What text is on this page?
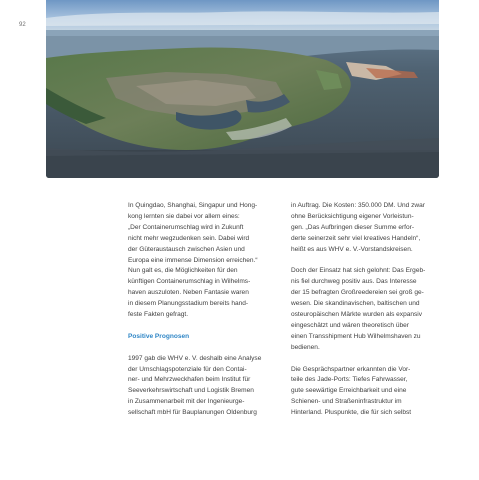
92

In Quingdao, Shanghai, Singapur und Hong-
kong lernten sie dabei vor allem eines:
„Der Containerumschlag wird in Zukunft
nicht mehr wegzudenken sein. Dabei wird
der Güteraustausch zwischen Asien und
Europa eine immense Dimension erreichen.“
Nun galt es, die Möglichkeiten für den
künftigen Containerumschlag in Wilhelms-
haven auszuloten. Neben Fantasie waren
in diesem Planungsstadium bereits hand-
feste Fakten gefragt.

Positive Prognosen

1997 gab die WHV e. V. deshalb eine Analyse
der Umschlagspotenziale für den Contai-
ner- und Mehrzweckhafen beim Institut für
Seeverkehrswirtschaft und Logistik Bremen
in Zusammenarbeit mit der Ingenieurge-
sellschaft mbH für Bauplanungen Oldenburg

in Auftrag. Die Kosten: 350.000 DM. Und zwar
ohne Berücksichtigung eigener Vorleistun-
gen. „Das Aufbringen dieser Summe erfor-
derte seinerzeit sehr viel kreatives Handeln“,
heißt es aus WHV e. V.-Vorstandskreisen.

Doch der Einsatz hat sich gelohnt: Das Ergeb-
nis fiel durchweg positiv aus. Das Interesse
der 15 befragten Großreedereien sei groß ge-
wesen. Die skandinavischen, baltischen und
osteuropäischen Märkte wurden als expansiv
eingeschätzt und wären theoretisch über
einen Transshipment Hub Wilhelmshaven zu
bedienen.

Die Gesprächspartner erkannten die Vor-
teile des Jade-Ports: Tiefes Fahrwasser,
gute seewärtige Erreichbarkeit und eine
Schienen- und Straßeninfrastruktur im
Hinterland. Pluspunkte, die für sich selbst
